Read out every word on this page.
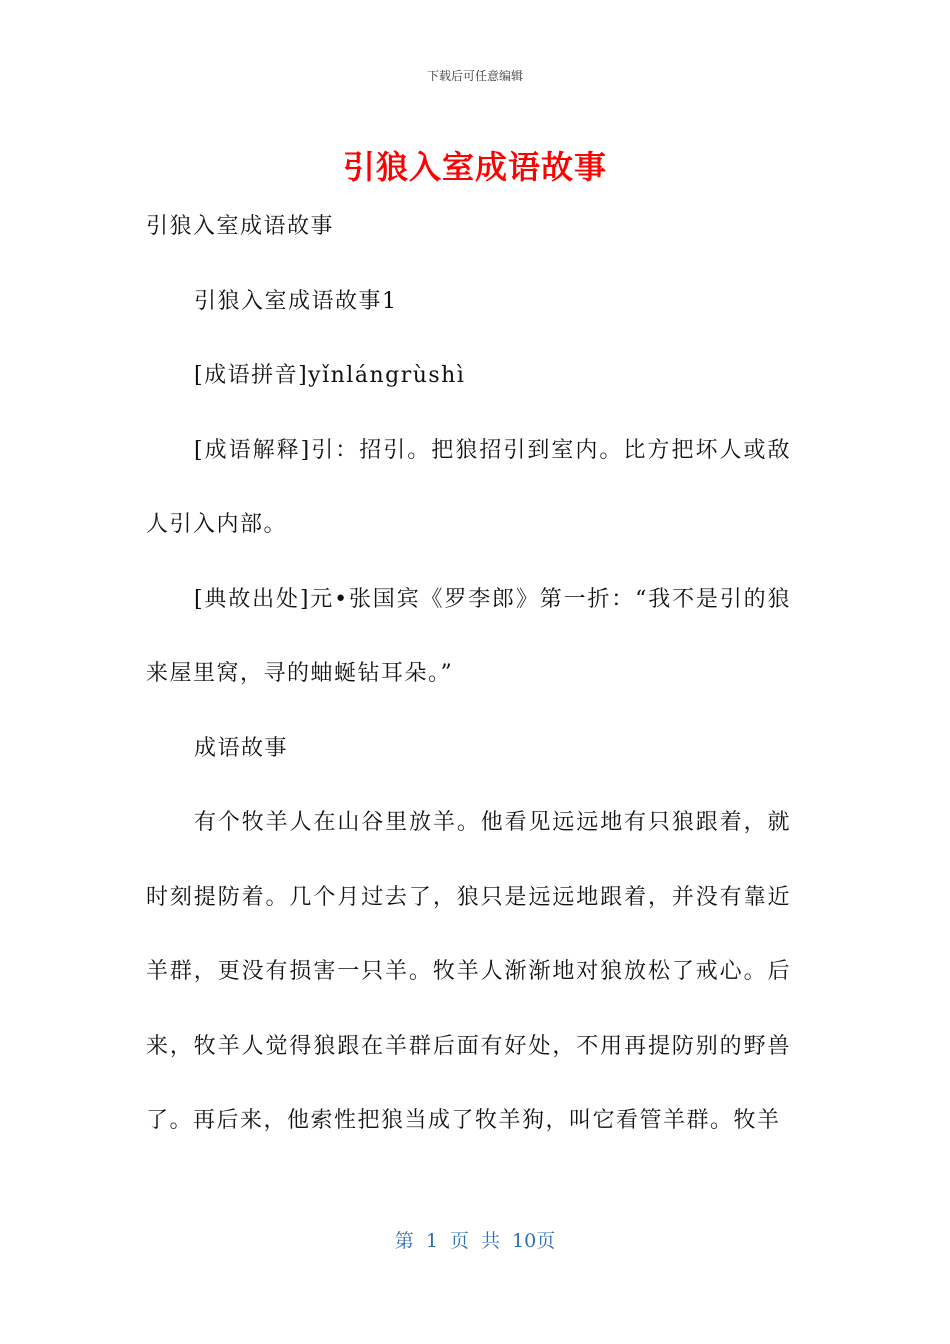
下载后可任意编辑
引狼入室成语故事

引狼入室成语故事

引狼入室成语故事1

[成语拼音]yǐnlángrùshì

[成语解释]引：招引。把狼招引到室内。比方把坏人或敌人引入内部。

[典故出处]元•张国宾《罗李郎》第一折：“我不是引的狼来屋里窝，寻的蚰蜒钻耳朵。”

成语故事

有个牧羊人在山谷里放羊。他看见远远地有只狼跟着，就时刻提防着。几个月过去了，狼只是远远地跟着，并没有靠近羊群，更没有损害一只羊。牧羊人渐渐地对狼放松了戒心。后来，牧羊人觉得狼跟在羊群后面有好处，不用再提防别的野兽了。再后来，他索性把狼当成了牧羊狗，叫它看管羊群。牧羊

第 1 页 共 10页
